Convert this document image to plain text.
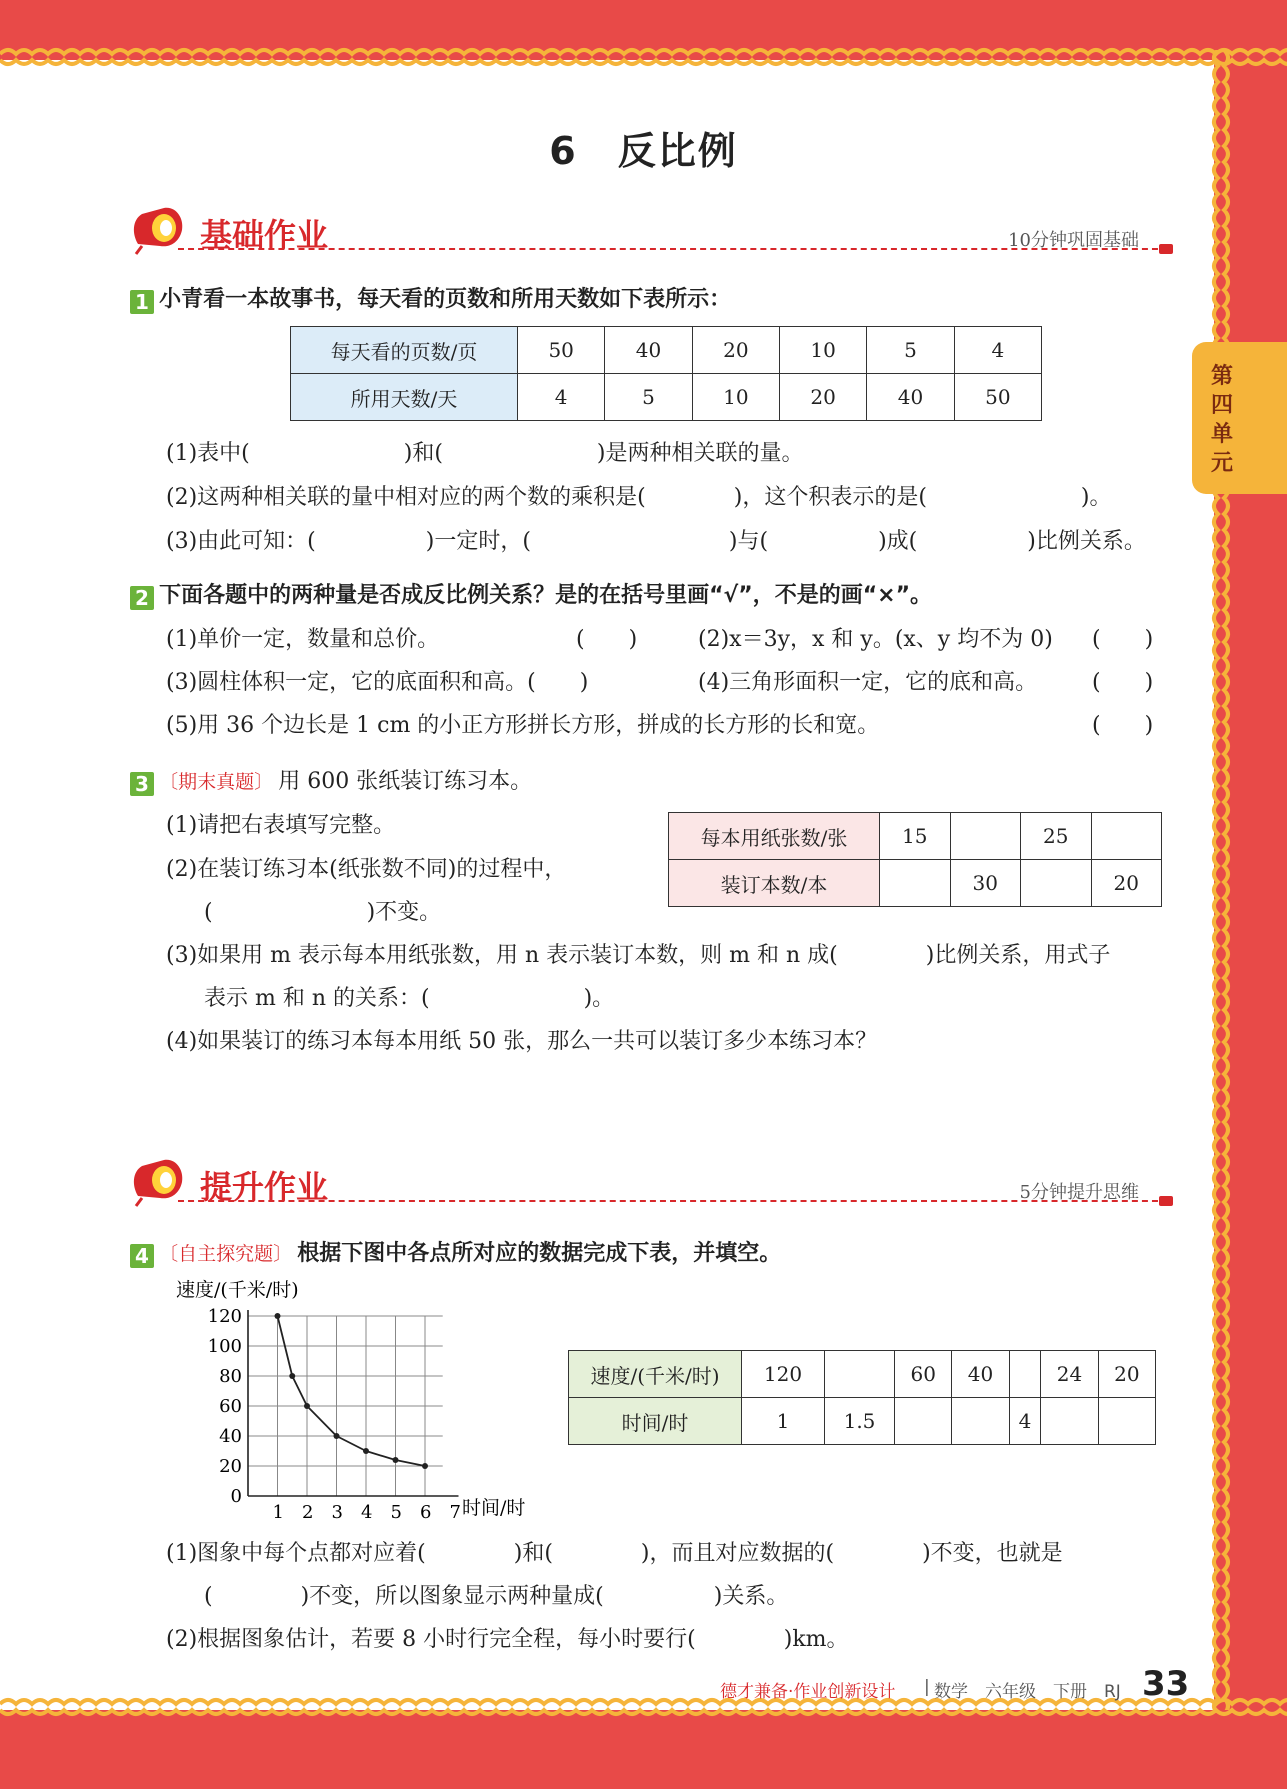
6　反比例
第四单元
基础作业	10分钟巩固基础
1 小青看一本故事书，每天看的页数和所用天数如下表所示：
每天看的页数/页	50	40	20	10	5	4
所用天数/天	4	5	10	20	40	50
(1)表中(　　　　　　　)和(　　　　　　　)是两种相关联的量。
(2)这两种相关联的量中相对应的两个数的乘积是(　　　　)，这个积表示的是(　　　　　　　)。
(3)由此可知：(　　　　　)一定时，(　　　　　　　　　)与(　　　　　)成(　　　　　)比例关系。
2 下面各题中的两种量是否成反比例关系？是的在括号里画“√”，不是的画“×”。
(1)单价一定，数量和总价。	(　　)	(2)x＝3y，x 和 y。(x、y 均不为 0) (　　)
(3)圆柱体积一定，它的底面积和高。(　　)	(4)三角形面积一定，它的底和高。 (　　)
(5)用 36 个边长是 1 cm 的小正方形拼长方形，拼成的长方形的长和宽。	(　　)
3 〔期末真题〕 用 600 张纸装订练习本。
(1)请把右表填写完整。
(2)在装订练习本(纸张数不同)的过程中，
(　　　　　　　)不变。
每本用纸张数/张	15		25	
装订本数/本		30		20
(3)如果用 m 表示每本用纸张数，用 n 表示装订本数，则 m 和 n 成(　　　　)比例关系，用式子
表示 m 和 n 的关系：(　　　　　　　)。
(4)如果装订的练习本每本用纸 50 张，那么一共可以装订多少本练习本？
提升作业	5分钟提升思维
4 〔自主探究题〕 根据下图中各点所对应的数据完成下表，并填空。
速度/(千米/时)
时间/时
1 2 3 4 5 6 7
0
20
40
60
80
100
120
速度/(千米/时)	120		60	40		24	20
时间/时	1	1.5			4		
(1)图象中每个点都对应着(　　　　)和(　　　　)，而且对应数据的(　　　　)不变，也就是
(　　　　)不变，所以图象显示两种量成(　　　　　)关系。
(2)根据图象估计，若要 8 小时行完全程，每小时要行(　　　　)km。
德才兼备·作业创新设计 | 数学　六年级　下册　RJ 33
